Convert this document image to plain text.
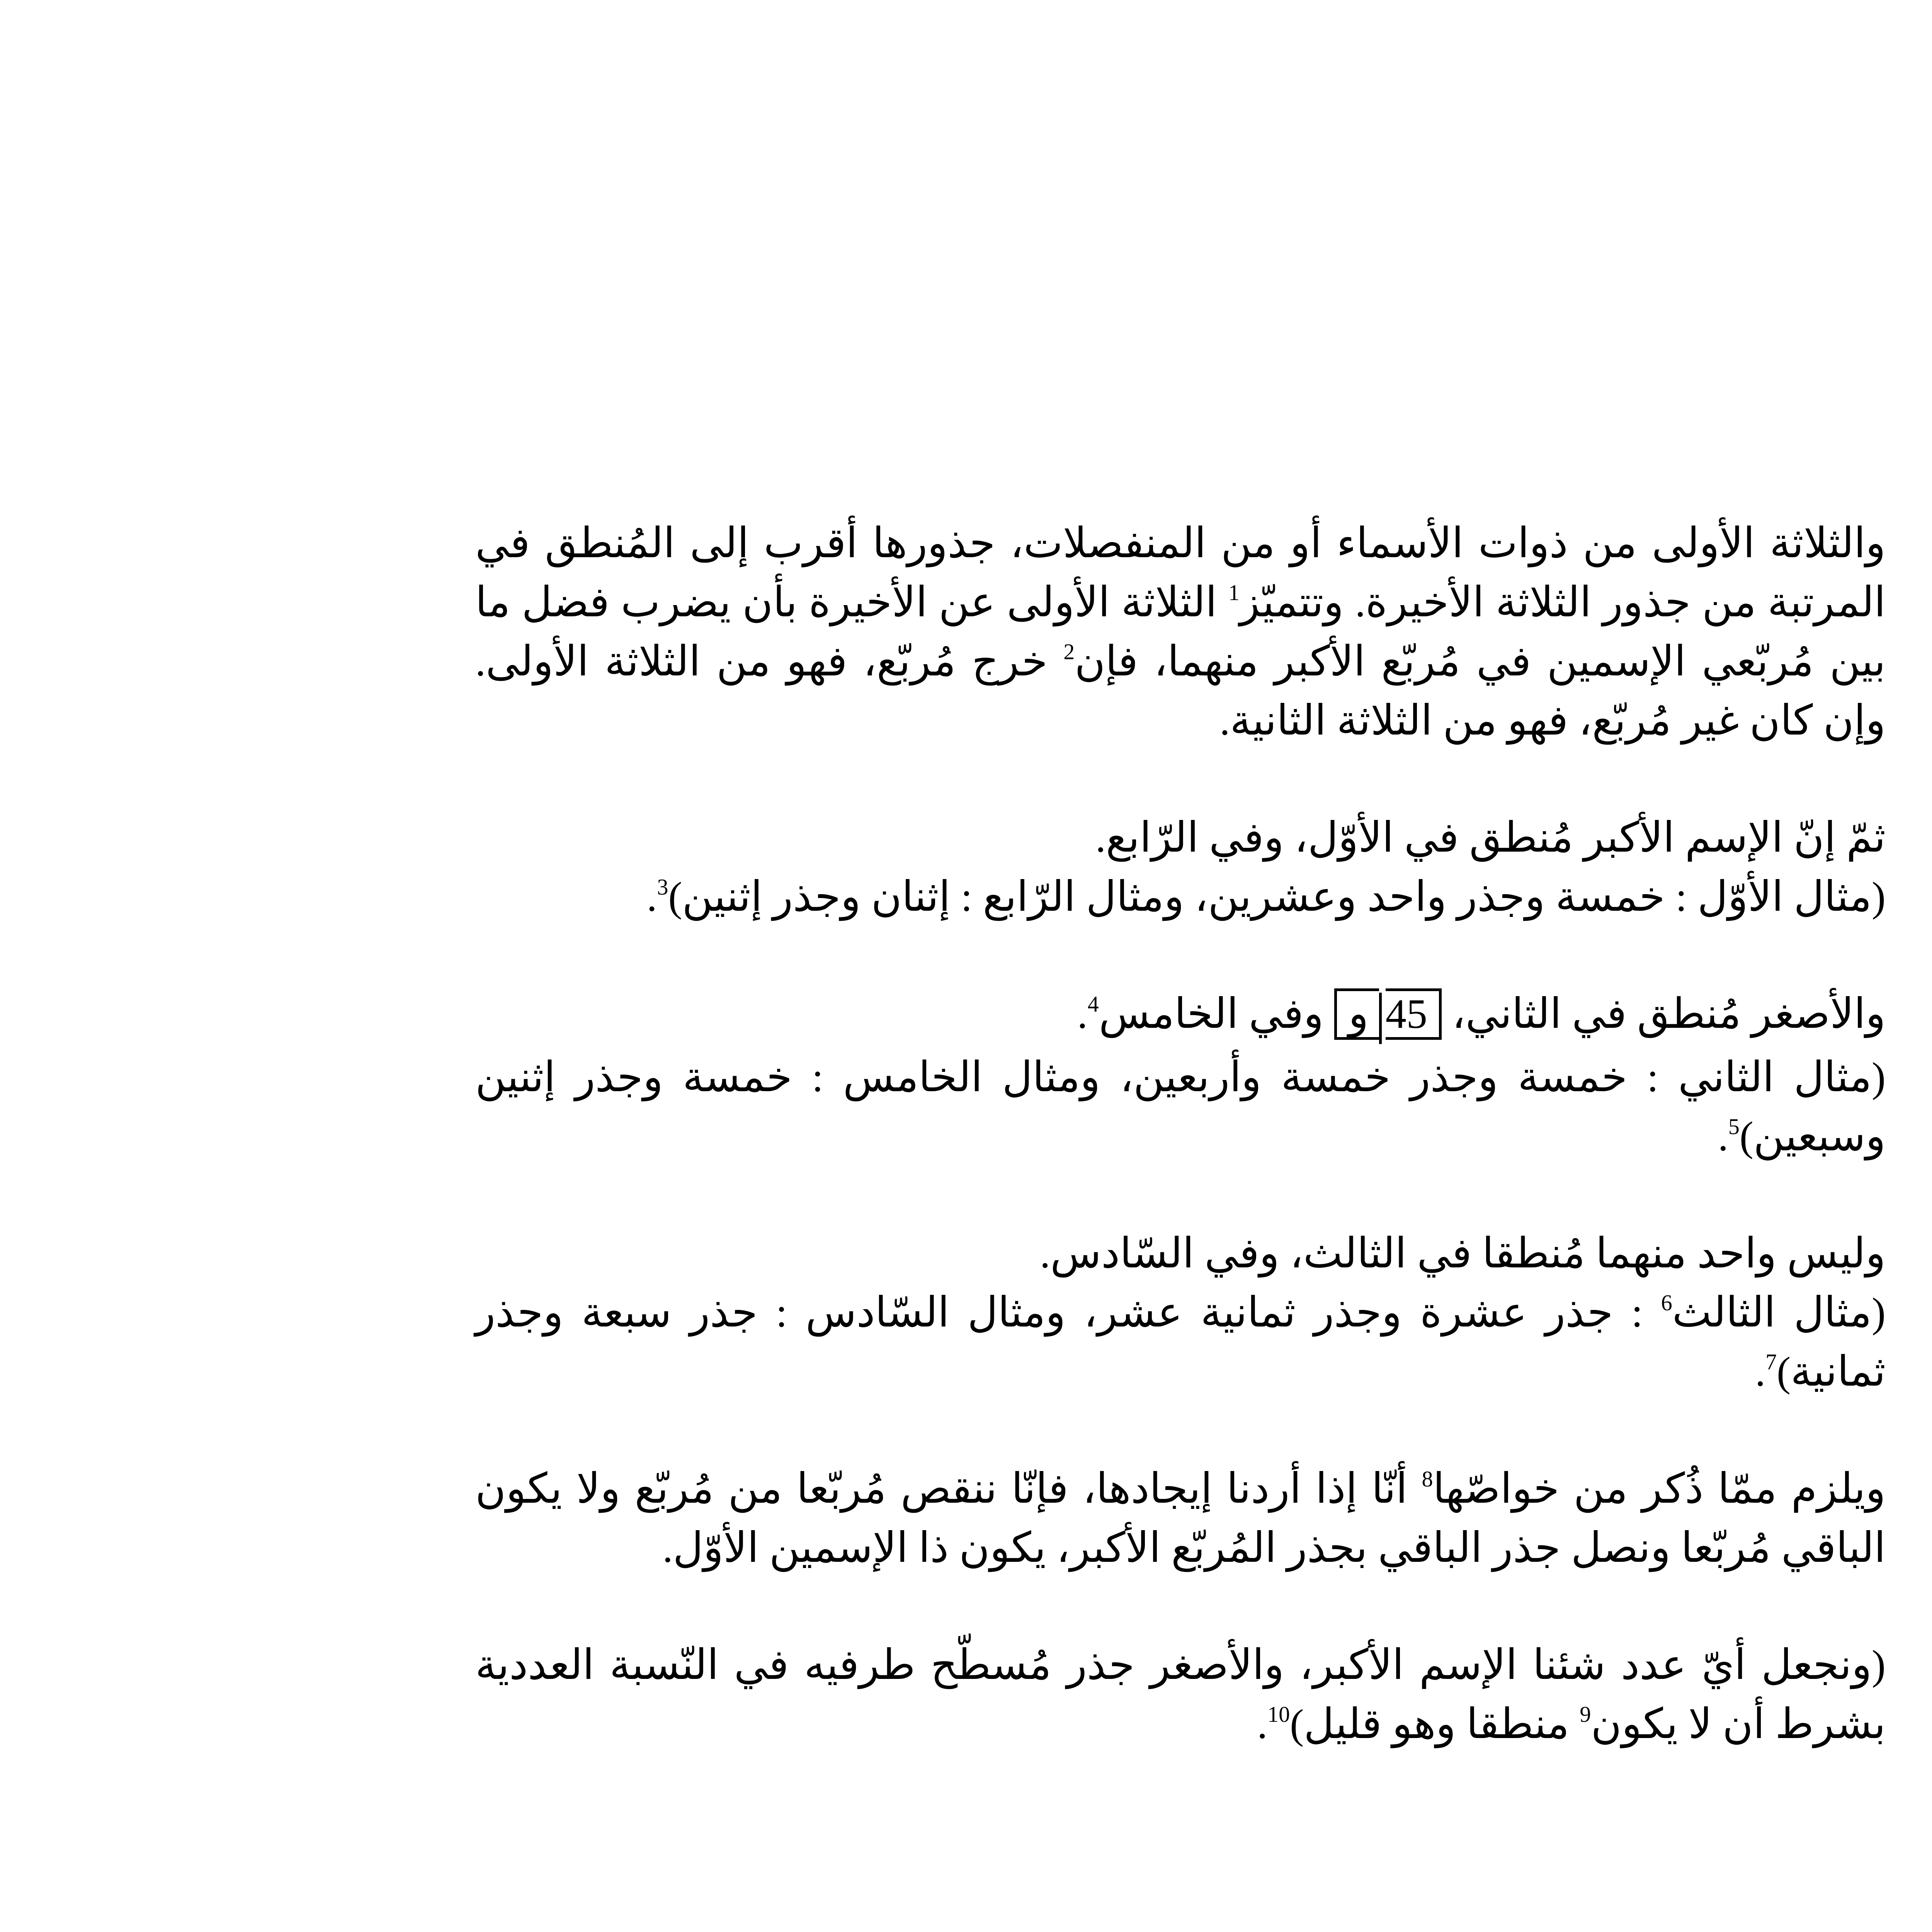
والثلاثة الأولى من ذوات الأسماء أو من المنفصلات، جذورها أقرب إلى المُنطق في المرتبة من جذور الثلاثة الأخيرة. وتتميّز$^1$ الثلاثة الأولى عن الأخيرة بأن يضرب فضل ما بين مُربّعي الإسمين في مُربّع الأكبر منهما، فإن$^2$ خرج مُربّع، فهو من الثلاثة الأولى. وإن كان غير مُربّع، فهو من الثلاثة الثانية.

ثمّ إنّ الإسم الأكبر مُنطق في الأوّل، وفي الرّابع.
(مثال الأوّل : خمسة وجذر واحد وعشرين، ومثال الرّابع : إثنان وجذر إثنين)$^3$.

والأصغر مُنطق في الثاني، 45 و وفي الخامس$^4$.
(مثال الثاني : خمسة وجذر خمسة وأربعين، ومثال الخامس : خمسة وجذر إثنين وسبعين)$^5$.

وليس واحد منهما مُنطقا في الثالث، وفي السّادس.
(مثال الثالث$^6$ : جذر عشرة وجذر ثمانية عشر، ومثال السّادس : جذر سبعة وجذر ثمانية)$^7$.

ويلزم ممّا ذُكر من خواصّها$^8$ أنّا إذا أردنا إيجادها، فإنّا ننقص مُربّعا من مُربّع ولا يكون الباقي مُربّعا ونصل جذر الباقي بجذر المُربّع الأكبر، يكون ذا الإسمين الأوّل.

(ونجعل أيّ عدد شئنا الإسم الأكبر، والأصغر جذر مُسطّح طرفيه في النّسبة العددية بشرط أن لا يكون$^9$ منطقا وهو قليل)$^{10}$.
